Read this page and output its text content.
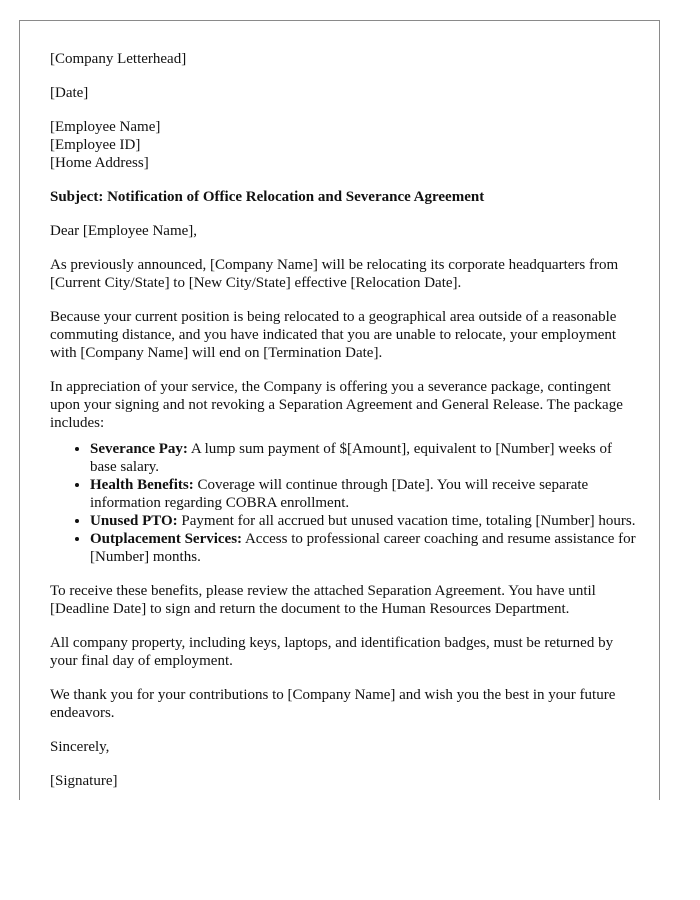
[Company Letterhead]

[Date]

[Employee Name]
[Employee ID]
[Home Address]

Subject: Notification of Office Relocation and Severance Agreement

Dear [Employee Name],

As previously announced, [Company Name] will be relocating its corporate headquarters from [Current City/State] to [New City/State] effective [Relocation Date].

Because your current position is being relocated to a geographical area outside of a reasonable commuting distance, and you have indicated that you are unable to relocate, your employment with [Company Name] will end on [Termination Date].

In appreciation of your service, the Company is offering you a severance package, contingent upon your signing and not revoking a Separation Agreement and General Release. The package includes:

• Severance Pay: A lump sum payment of $[Amount], equivalent to [Number] weeks of base salary.
• Health Benefits: Coverage will continue through [Date]. You will receive separate information regarding COBRA enrollment.
• Unused PTO: Payment for all accrued but unused vacation time, totaling [Number] hours.
• Outplacement Services: Access to professional career coaching and resume assistance for [Number] months.

To receive these benefits, please review the attached Separation Agreement. You have until [Deadline Date] to sign and return the document to the Human Resources Department.

All company property, including keys, laptops, and identification badges, must be returned by your final day of employment.

We thank you for your contributions to [Company Name] and wish you the best in your future endeavors.

Sincerely,

[Signature]
